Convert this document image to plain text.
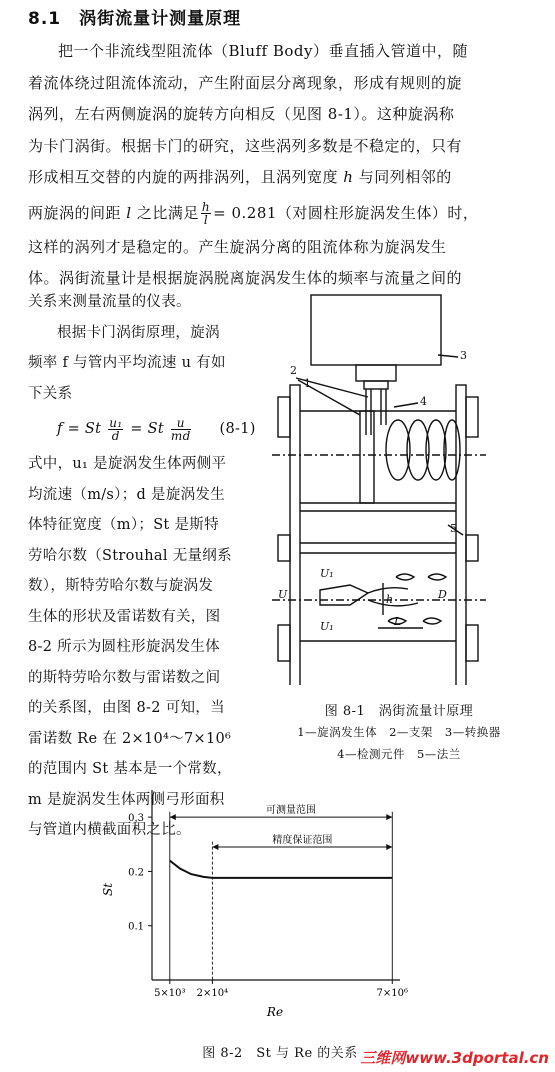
8.1　涡街流量计测量原理
把一个非流线型阻流体（Bluff Body）垂直插入管道中，随
着流体绕过阻流体流动，产生附面层分离现象，形成有规则的旋
涡列，左右两侧旋涡的旋转方向相反（见图 8-1）。这种旋涡称
为卡门涡街。根据卡门的研究，这些涡列多数是不稳定的，只有
形成相互交替的内旋的两排涡列，且涡列宽度 h 与同列相邻的
两旋涡的间距 l 之比满足 $\frac{h}{l} = 0.281$（对圆柱形旋涡发生体）时，
这样的涡列才是稳定的。产生旋涡分离的阻流体称为旋涡发生
体。涡街流量计是根据旋涡脱离旋涡发生体的频率与流量之间的
关系来测量流量的仪表。
根据卡门涡街原理，旋涡
频率 f 与管内平均流速 u 有如
下关系
f = St $\frac{\text{u₁}}{d} = St \frac{u}{md} (8-1)$
式中，u₁ 是旋涡发生体两侧平
均流速（m/s）；d 是旋涡发生
体特征宽度（m）；St 是斯特
劳哈尔数（Strouhal 无量纲系
数），斯特劳哈尔数与旋涡发
生体的形状及雷诺数有关，图
8-2 所示为圆柱形旋涡发生体
的斯特劳哈尔数与雷诺数之间
的关系图，由图 8-2 可知，当
雷诺数 Re 在 2×10⁴～7×10⁶
的范围内 St 基本是一个常数，
m 是旋涡发生体两侧弓形面积
与管道内横截面积之比。
2
1
3
4
5
U	D
U₁
U₁
h
L
图 8-1　涡街流量计原理
1—旋涡发生体　2—支架　3—转换器
4—检测元件　5—法兰
0.1
0.2
0.3
5×10³ 2×10⁴	7×10⁶
可测量范围
精度保证范围
St
Re
图 8-2　St 与 Re 的关系 三维网www.3dportal.cn
